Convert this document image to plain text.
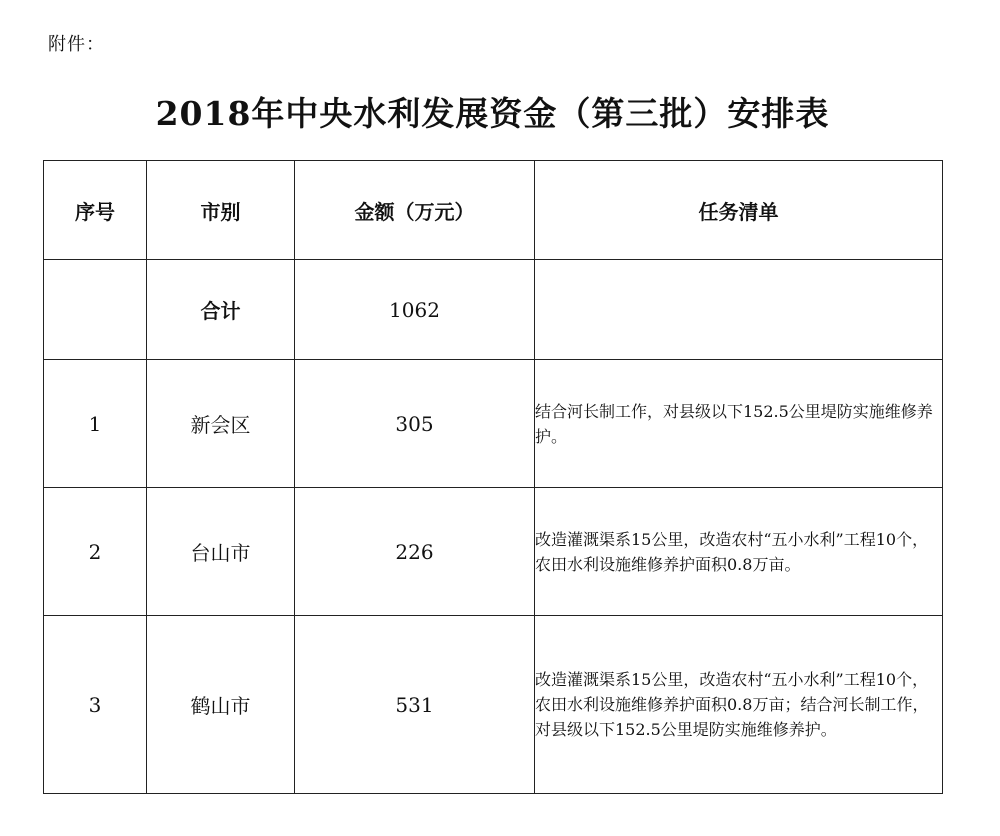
附件：
2018年中央水利发展资金（第三批）安排表
序号	市别	金额（万元）	任务清单
	合计	1062	
1	新会区	305	结合河长制工作，对县级以下152.5公里堤防实施维修养护。
2	台山市	226	改造灌溉渠系15公里，改造农村“五小水利”工程10个，农田水利设施维修养护面积0.8万亩。
3	鹤山市	531	改造灌溉渠系15公里，改造农村“五小水利”工程10个，农田水利设施维修养护面积0.8万亩；结合河长制工作，对县级以下152.5公里堤防实施维修养护。
